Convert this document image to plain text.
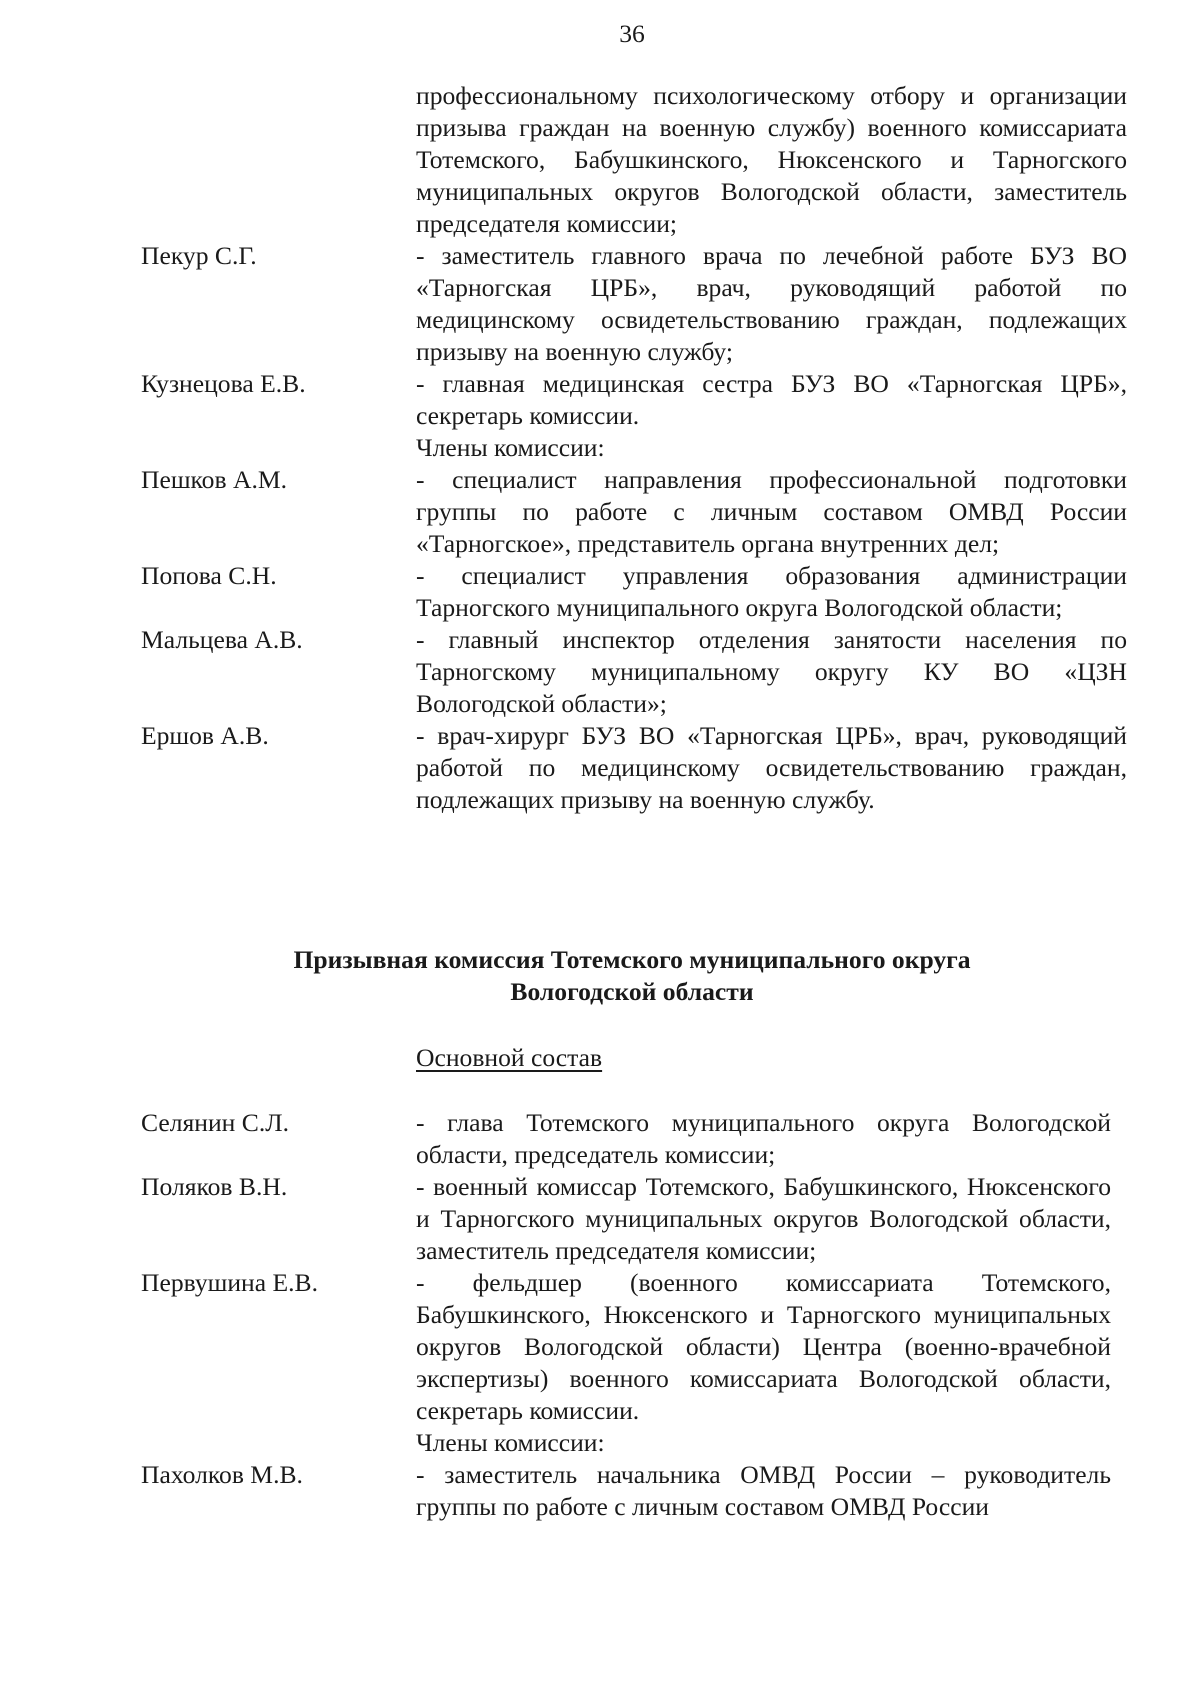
36
профессиональному психологическому отбору и организации призыва граждан на военную службу) военного комиссариата Тотемского, Бабушкинского, Нюксенского и Тарногского муниципальных округов Вологодской области, заместитель председателя комиссии;
Пекур С.Г.	- заместитель главного врача по лечебной работе БУЗ ВО «Тарногская ЦРБ», врач, руководящий работой по медицинскому освидетельствованию граждан, подлежащих призыву на военную службу;
Кузнецова Е.В.	- главная медицинская сестра БУЗ ВО «Тарногская ЦРБ», секретарь комиссии.
Члены комиссии:
Пешков А.М.	- специалист направления профессиональной подготовки группы по работе с личным составом ОМВД России «Тарногское», представитель органа внутренних дел;
Попова С.Н.	- специалист управления образования администрации Тарногского муниципального округа Вологодской области;
Мальцева А.В.	- главный инспектор отделения занятости населения по Тарногскому муниципальному округу КУ ВО «ЦЗН Вологодской области»;
Ершов А.В.	- врач-хирург БУЗ ВО «Тарногская ЦРБ», врач, руководящий работой по медицинскому освидетельствованию граждан, подлежащих призыву на военную службу.
Призывная комиссия Тотемского муниципального округа
Вологодской области
Основной состав
Селянин С.Л.	- глава Тотемского муниципального округа Вологодской области, председатель комиссии;
Поляков В.Н.	- военный комиссар Тотемского, Бабушкинского, Нюксенского и Тарногского муниципальных округов Вологодской области, заместитель председателя комиссии;
Первушина Е.В.	- фельдшер (военного комиссариата Тотемского, Бабушкинского, Нюксенского и Тарногского муниципальных округов Вологодской области) Центра (военно-врачебной экспертизы) военного комиссариата Вологодской области, секретарь комиссии.
Члены комиссии:
Пахолков М.В.	- заместитель начальника ОМВД России – руководитель группы по работе с личным составом ОМВД России
